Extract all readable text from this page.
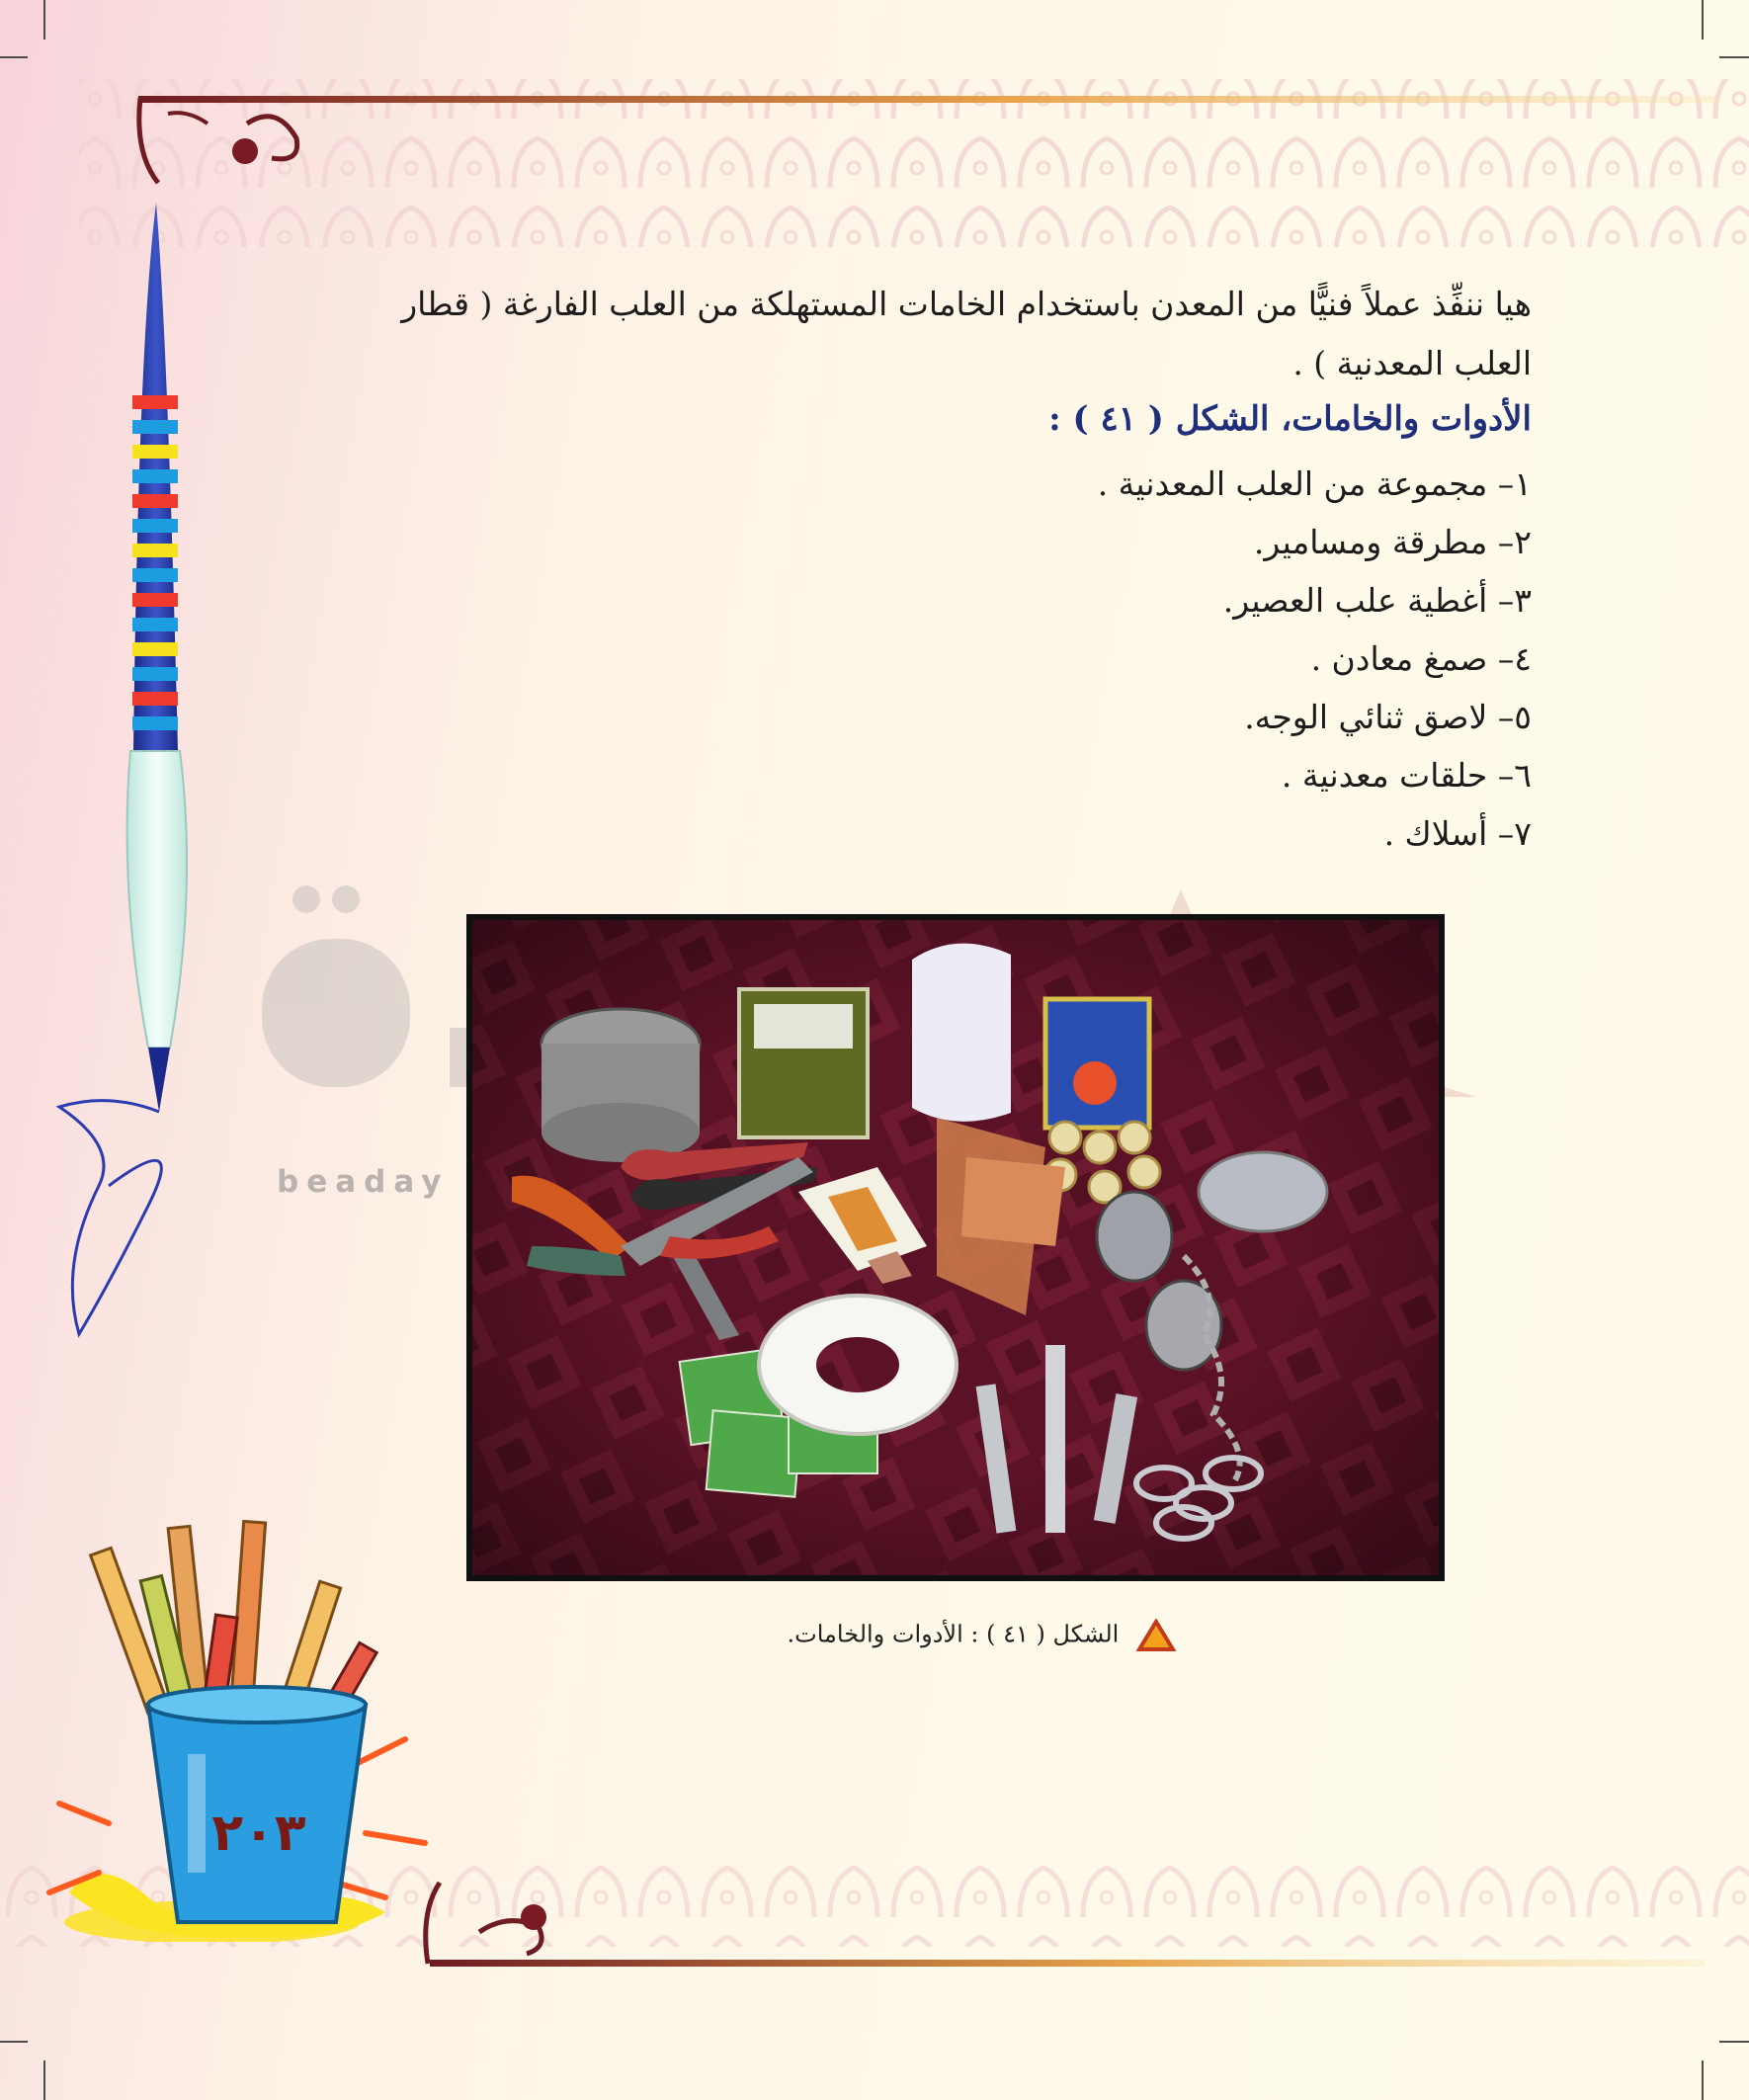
٢٠٣
beaday
هيا ننفِّذ عملاً فنيًّا من المعدن باستخدام الخامات المستهلكة من العلب الفارغة ( قطار العلب المعدنية ) .
الأدوات والخامات، الشكل ( ٤١ ) :
١– مجموعة من العلب المعدنية .
٢– مطرقة ومسامير.
٣– أغطية علب العصير.
٤– صمغ معادن .
٥– لاصق ثنائي الوجه.
٦– حلقات معدنية .
٧– أسلاك .
الشكل ( ٤١ ) : الأدوات والخامات.
